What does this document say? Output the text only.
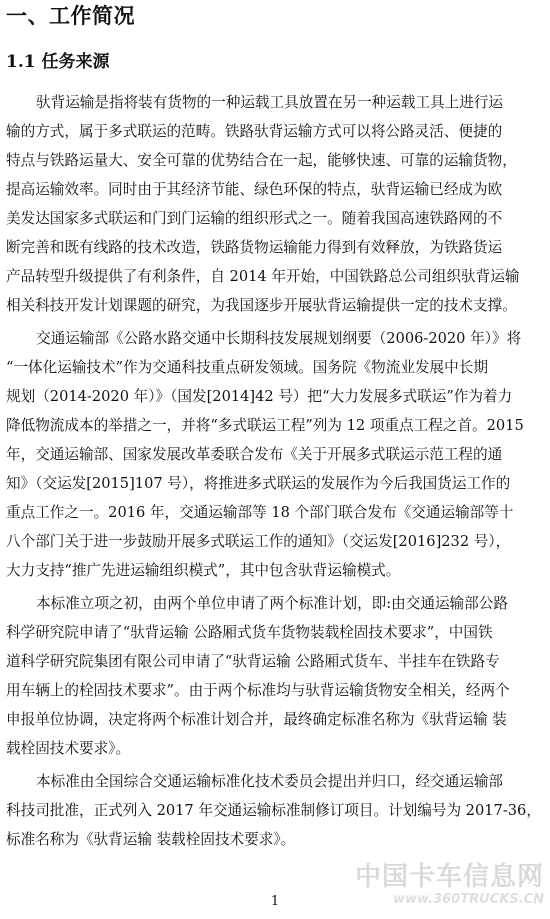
一、工作简况
1.1 任务来源

驮背运输是指将装有货物的一种运载工具放置在另一种运载工具上进行运
输的方式，属于多式联运的范畴。铁路驮背运输方式可以将公路灵活、便捷的
特点与铁路运量大、安全可靠的优势结合在一起，能够快速、可靠的运输货物，
提高运输效率。同时由于其经济节能、绿色环保的特点，驮背运输已经成为欧
美发达国家多式联运和门到门运输的组织形式之一。随着我国高速铁路网的不
断完善和既有线路的技术改造，铁路货物运输能力得到有效释放，为铁路货运
产品转型升级提供了有利条件，自 2014 年开始，中国铁路总公司组织驮背运输
相关科技开发计划课题的研究，为我国逐步开展驮背运输提供一定的技术支撑。

交通运输部《公路水路交通中长期科技发展规划纲要（2006-2020 年）》将
“一体化运输技术”作为交通科技重点研发领域。国务院《物流业发展中长期
规划（2014-2020 年）》（国发[2014]42 号）把“大力发展多式联运”作为着力
降低物流成本的举措之一，并将“多式联运工程”列为 12 项重点工程之首。2015
年，交通运输部、国家发展改革委联合发布《关于开展多式联运示范工程的通
知》（交运发[2015]107 号），将推进多式联运的发展作为今后我国货运工作的
重点工作之一。2016 年，交通运输部等 18 个部门联合发布《交通运输部等十
八个部门关于进一步鼓励开展多式联运工作的通知》（交运发[2016]232 号），
大力支持“推广先进运输组织模式”，其中包含驮背运输模式。

本标准立项之初，由两个单位申请了两个标准计划，即:由交通运输部公路
科学研究院申请了“驮背运输 公路厢式货车货物装载栓固技术要求”，中国铁
道科学研究院集团有限公司申请了“驮背运输 公路厢式货车、半挂车在铁路专
用车辆上的栓固技术要求”。由于两个标准均与驮背运输货物安全相关，经两个
申报单位协调，决定将两个标准计划合并，最终确定标准名称为《驮背运输 装
载栓固技术要求》。

本标准由全国综合交通运输标准化技术委员会提出并归口，经交通运输部
科技司批准，正式列入 2017 年交通运输标准制修订项目。计划编号为 2017-36，
标准名称为《驮背运输 装载栓固技术要求》。

1
中国卡车信息网
www.360TRUCKS.CN
